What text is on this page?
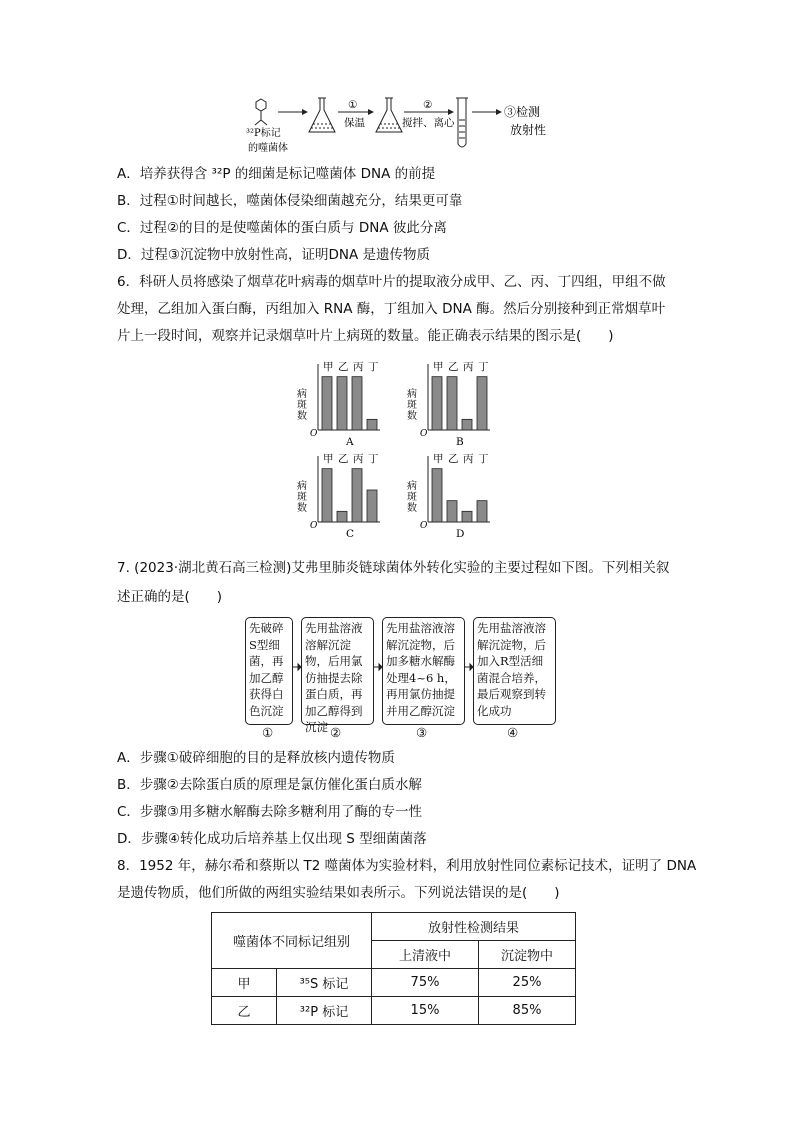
³²P标记
的噬菌体
①
保温
②
搅拌、离心
③检测
放射性
A．培养获得含 ³²P 的细菌是标记噬菌体 DNA 的前提
B．过程①时间越长，噬菌体侵染细菌越充分，结果更可靠
C．过程②的目的是使噬菌体的蛋白质与 DNA 彼此分离
D．过程③沉淀物中放射性高，证明DNA 是遗传物质
6．科研人员将感染了烟草花叶病毒的烟草叶片的提取液分成甲、乙、丙、丁四组，甲组不做
处理，乙组加入蛋白酶，丙组加入 RNA 酶，丁组加入 DNA 酶。然后分别接种到正常烟草叶
片上一段时间，观察并记录烟草叶片上病斑的数量。能正确表示结果的图示是(　　)
O
病斑数
甲 乙 丙 丁
A
O
病斑数
甲 乙 丙 丁
B
O
病斑数
甲 乙 丙 丁
C
O
病斑数
甲 乙 丙 丁
D
7. (2023·湖北黄石高三检测)艾弗里肺炎链球菌体外转化实验的主要过程如下图。下列相关叙
述正确的是(　　)
先破碎S型细菌，再加乙醇获得白色沉淀
先用盐溶液溶解沉淀物，后用氯仿抽提去除蛋白质，再加乙醇得到沉淀
先用盐溶液溶解沉淀物，后加多糖水解酶处理4~6 h，再用氯仿抽提并用乙醇沉淀
先用盐溶液溶解沉淀物，后加入R型活细菌混合培养，最后观察到转化成功
①	②	③	④
A．步骤①破碎细胞的目的是释放核内遗传物质
B．步骤②去除蛋白质的原理是氯仿催化蛋白质水解
C．步骤③用多糖水解酶去除多糖利用了酶的专一性
D．步骤④转化成功后培养基上仅出现 S 型细菌菌落
8．1952 年，赫尔希和蔡斯以 T2 噬菌体为实验材料，利用放射性同位素标记技术，证明了 DNA
是遗传物质，他们所做的两组实验结果如表所示。下列说法错误的是(　　)
噬菌体不同标记组别		放射性检测结果	
		上清液中	沉淀物中
甲	³⁵S 标记	75%	25%
乙	³²P 标记	15%	85%
